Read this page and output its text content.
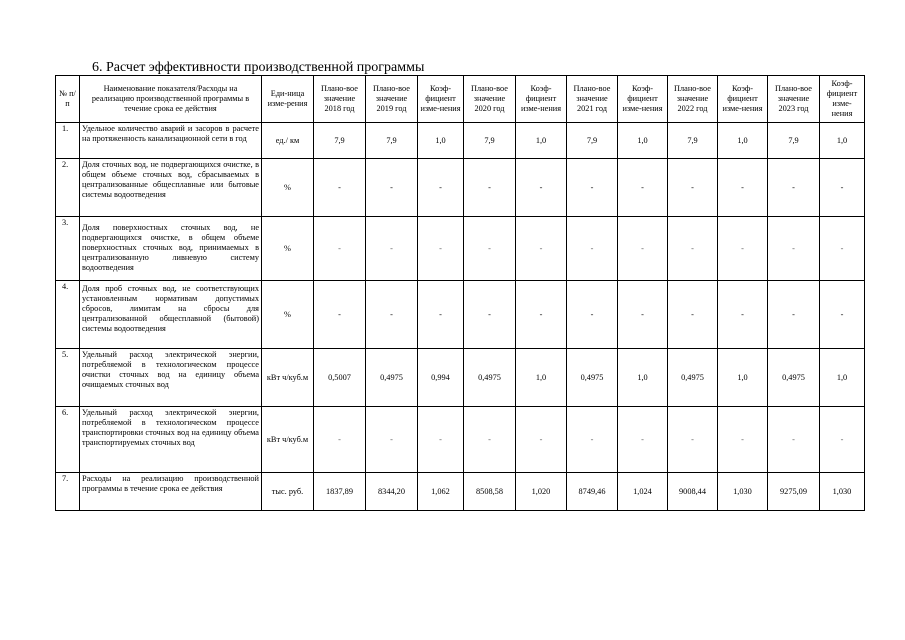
6. Расчет эффективности производственной программы
№ п/п	Наименование показателя/Расходы на реализацию производственной программы в течение срока ее действия	Еди-ница изме-рения	Плано-вое значение 2018 год	Плано-вое значение 2019 год	Коэф-фициент изме-нения	Плано-вое значение 2020 год	Коэф-фициент изме-нения	Плано-вое значение 2021 год	Коэф-фициент изме-нения	Плано-вое значение 2022 год	Коэф-фициент изме-нения	Плано-вое значение 2023 год	Коэф-фициент изме-нения
1.	Удельное количество аварий и засоров в расчете на протяженность канализационной сети в год	ед./ км	7,9	7,9	1,0	7,9	1,0	7,9	1,0	7,9	1,0	7,9	1,0
2.	Доля сточных вод, не подвергающихся очистке, в общем объеме сточных вод, сбрасываемых в централизованные общесплавные или бытовые системы водоотведения	%	-	-	-	-	-	-	-	-	-	-	-
3.	Доля поверхностных сточных вод, не подвергающихся очистке, в общем объеме поверхностных сточных вод, принимаемых в централизованную ливневую систему водоотведения	%	-	-	-	-	-	-	-	-	-	-	-
4.	Доля проб сточных вод, не соответствующих установленным нормативам допустимых сбросов, лимитам на сбросы для централизованной общесплавной (бытовой) системы водоотведения	%	-	-	-	-	-	-	-	-	-	-	-
5.	Удельный расход электрической энергии, потребляемой в технологическом процессе очистки сточных вод на единицу объема очищаемых сточных вод	кВт ч/куб.м	0,5007	0,4975	0,994	0,4975	1,0	0,4975	1,0	0,4975	1,0	0,4975	1,0
6.	Удельный расход электрической энергии, потребляемой в технологическом процессе транспортировки сточных вод на единицу объема транспортируемых сточных вод	кВт ч/куб.м	-	-	-	-	-	-	-	-	-	-	-
7.	Расходы на реализацию производственной программы в течение срока ее действия	тыс. руб.	1837,89	8344,20	1,062	8508,58	1,020	8749,46	1,024	9008,44	1,030	9275,09	1,030
